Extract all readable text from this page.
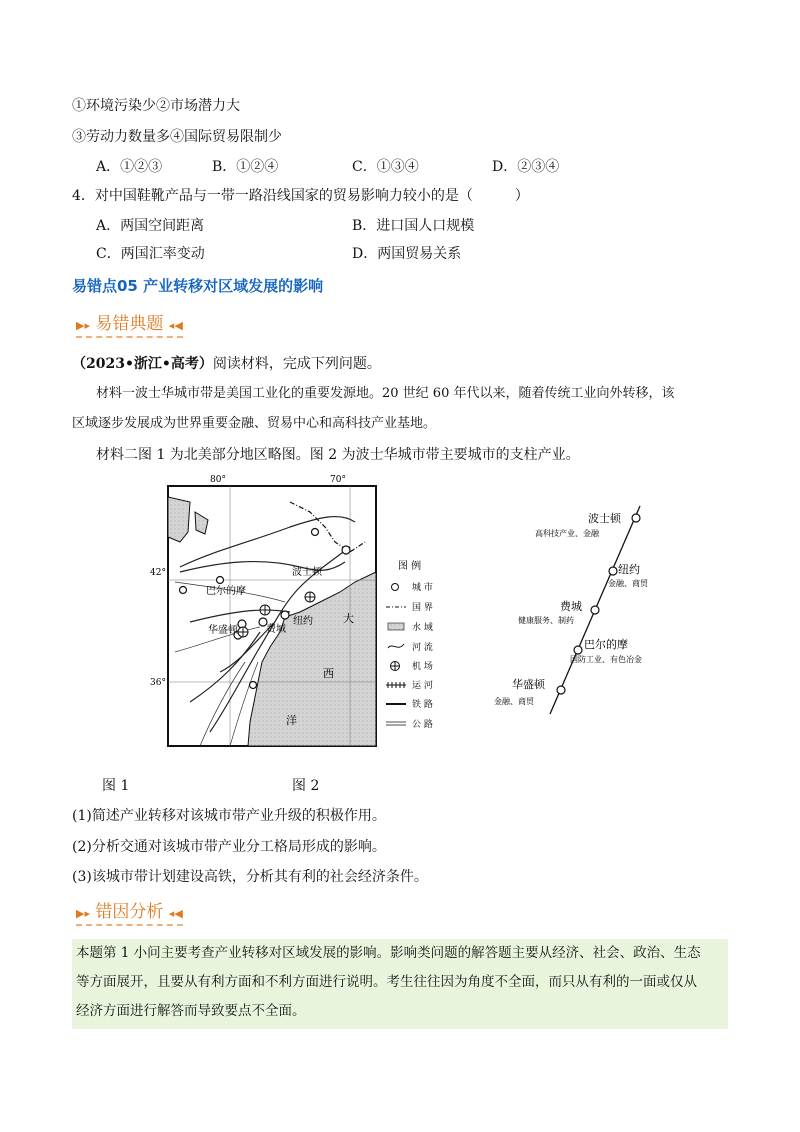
①环境污染少②市场潜力大
③劳动力数量多④国际贸易限制少
A．①②③	B．①②④	C．①③④	D．②③④
4．对中国鞋靴产品与一带一路沿线国家的贸易影响力较小的是（　　　）
A．两国空间距离	B．进口国人口规模
C．两国汇率变动	D．两国贸易关系
易错点05 产业转移对区域发展的影响
▶▸ 易错典题 ◂◀
（2023•浙江•高考）阅读材料，完成下列问题。
材料一波士华城市带是美国工业化的重要发源地。20 世纪 60 年代以来，随着传统工业向外转移，该
区域逐步发展成为世界重要金融、贸易中心和高科技产业基地。
材料二图 1 为北美部分地区略图。图 2 为波士华城市带主要城市的支柱产业。
80°	70°
42°
36°
波士顿
巴尔的摩
纽约
华盛顿	费城
大
西
洋
图 例
城 市
国 界
水 域
河 流
机 场
运 河
铁 路
公 路
波士顿
高科技产业、金融
纽约
金融、商贸
费城
健康服务、制药
巴尔的摩
国防工业、有色冶金
华盛顿
金融、商贸
图 1	图 2
(1)简述产业转移对该城市带产业升级的积极作用。
(2)分析交通对该城市带产业分工格局形成的影响。
(3)该城市带计划建设高铁，分析其有利的社会经济条件。
▶▸ 错因分析 ◂◀
本题第 1 小问主要考查产业转移对区域发展的影响。影响类问题的解答题主要从经济、社会、政治、生态
等方面展开，且要从有利方面和不利方面进行说明。考生往往因为角度不全面，而只从有利的一面或仅从
经济方面进行解答而导致要点不全面。
